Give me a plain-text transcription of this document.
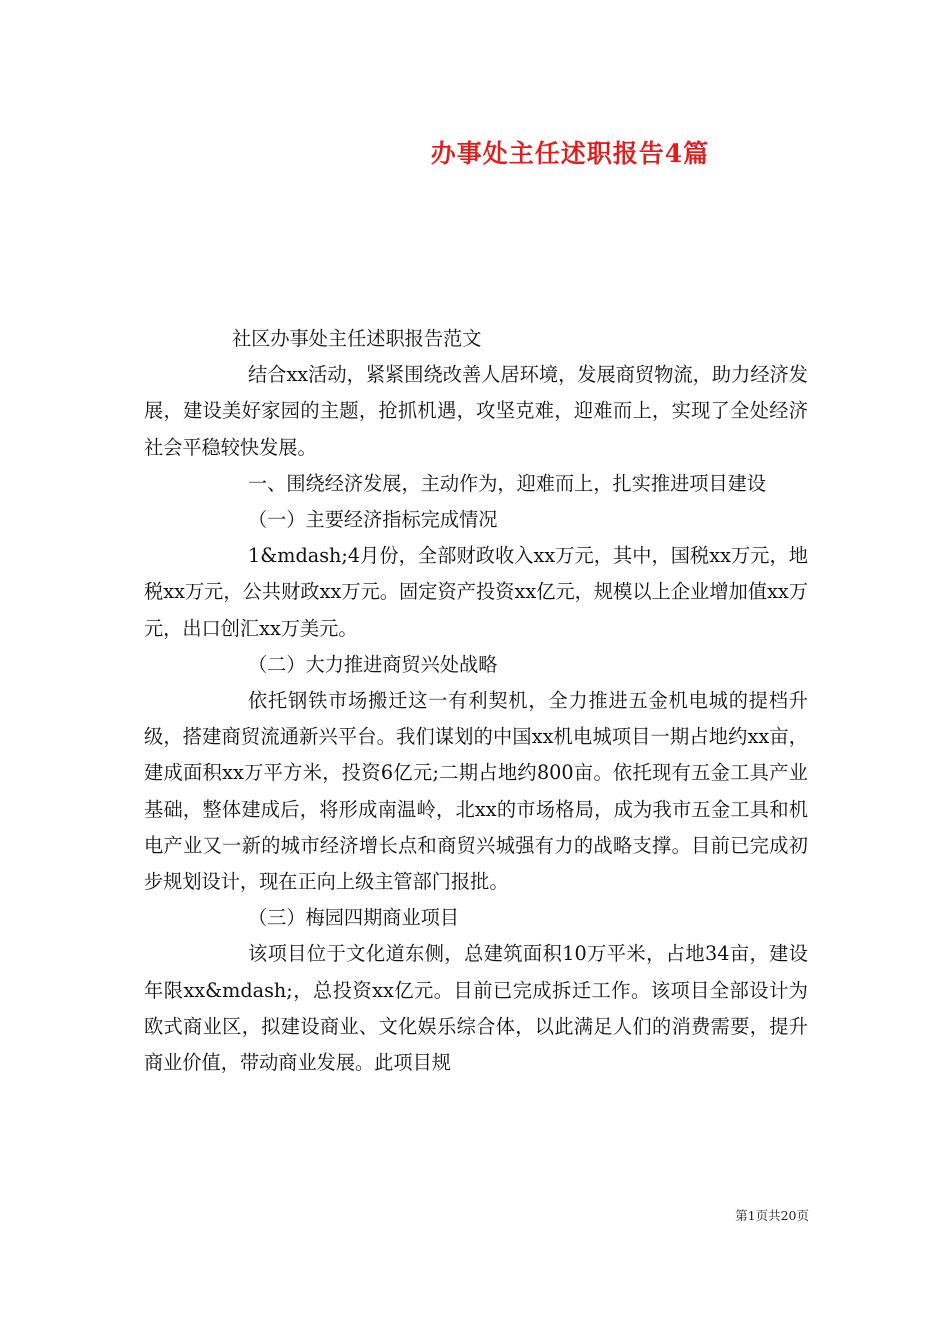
办事处主任述职报告4篇

社区办事处主任述职报告范文

结合xx活动，紧紧围绕改善人居环境，发展商贸物流，助力经济发展，建设美好家园的主题，抢抓机遇，攻坚克难，迎难而上，实现了全处经济社会平稳较快发展。

一、围绕经济发展，主动作为，迎难而上，扎实推进项目建设

（一）主要经济指标完成情况

1&mdash;4月份，全部财政收入xx万元，其中，国税xx万元，地税xx万元，公共财政xx万元。固定资产投资xx亿元，规模以上企业增加值xx万元，出口创汇xx万美元。

（二）大力推进商贸兴处战略

依托钢铁市场搬迁这一有利契机，全力推进五金机电城的提档升级，搭建商贸流通新兴平台。我们谋划的中国xx机电城项目一期占地约xx亩，建成面积xx万平方米，投资6亿元;二期占地约800亩。依托现有五金工具产业基础，整体建成后，将形成南温岭，北xx的市场格局，成为我市五金工具和机电产业又一新的城市经济增长点和商贸兴城强有力的战略支撑。目前已完成初步规划设计，现在正向上级主管部门报批。

（三）梅园四期商业项目

该项目位于文化道东侧，总建筑面积10万平米，占地34亩，建设年限xx&mdash;，总投资xx亿元。目前已完成拆迁工作。该项目全部设计为欧式商业区，拟建设商业、文化娱乐综合体，以此满足人们的消费需要，提升商业价值，带动商业发展。此项目规

第1页共20页
